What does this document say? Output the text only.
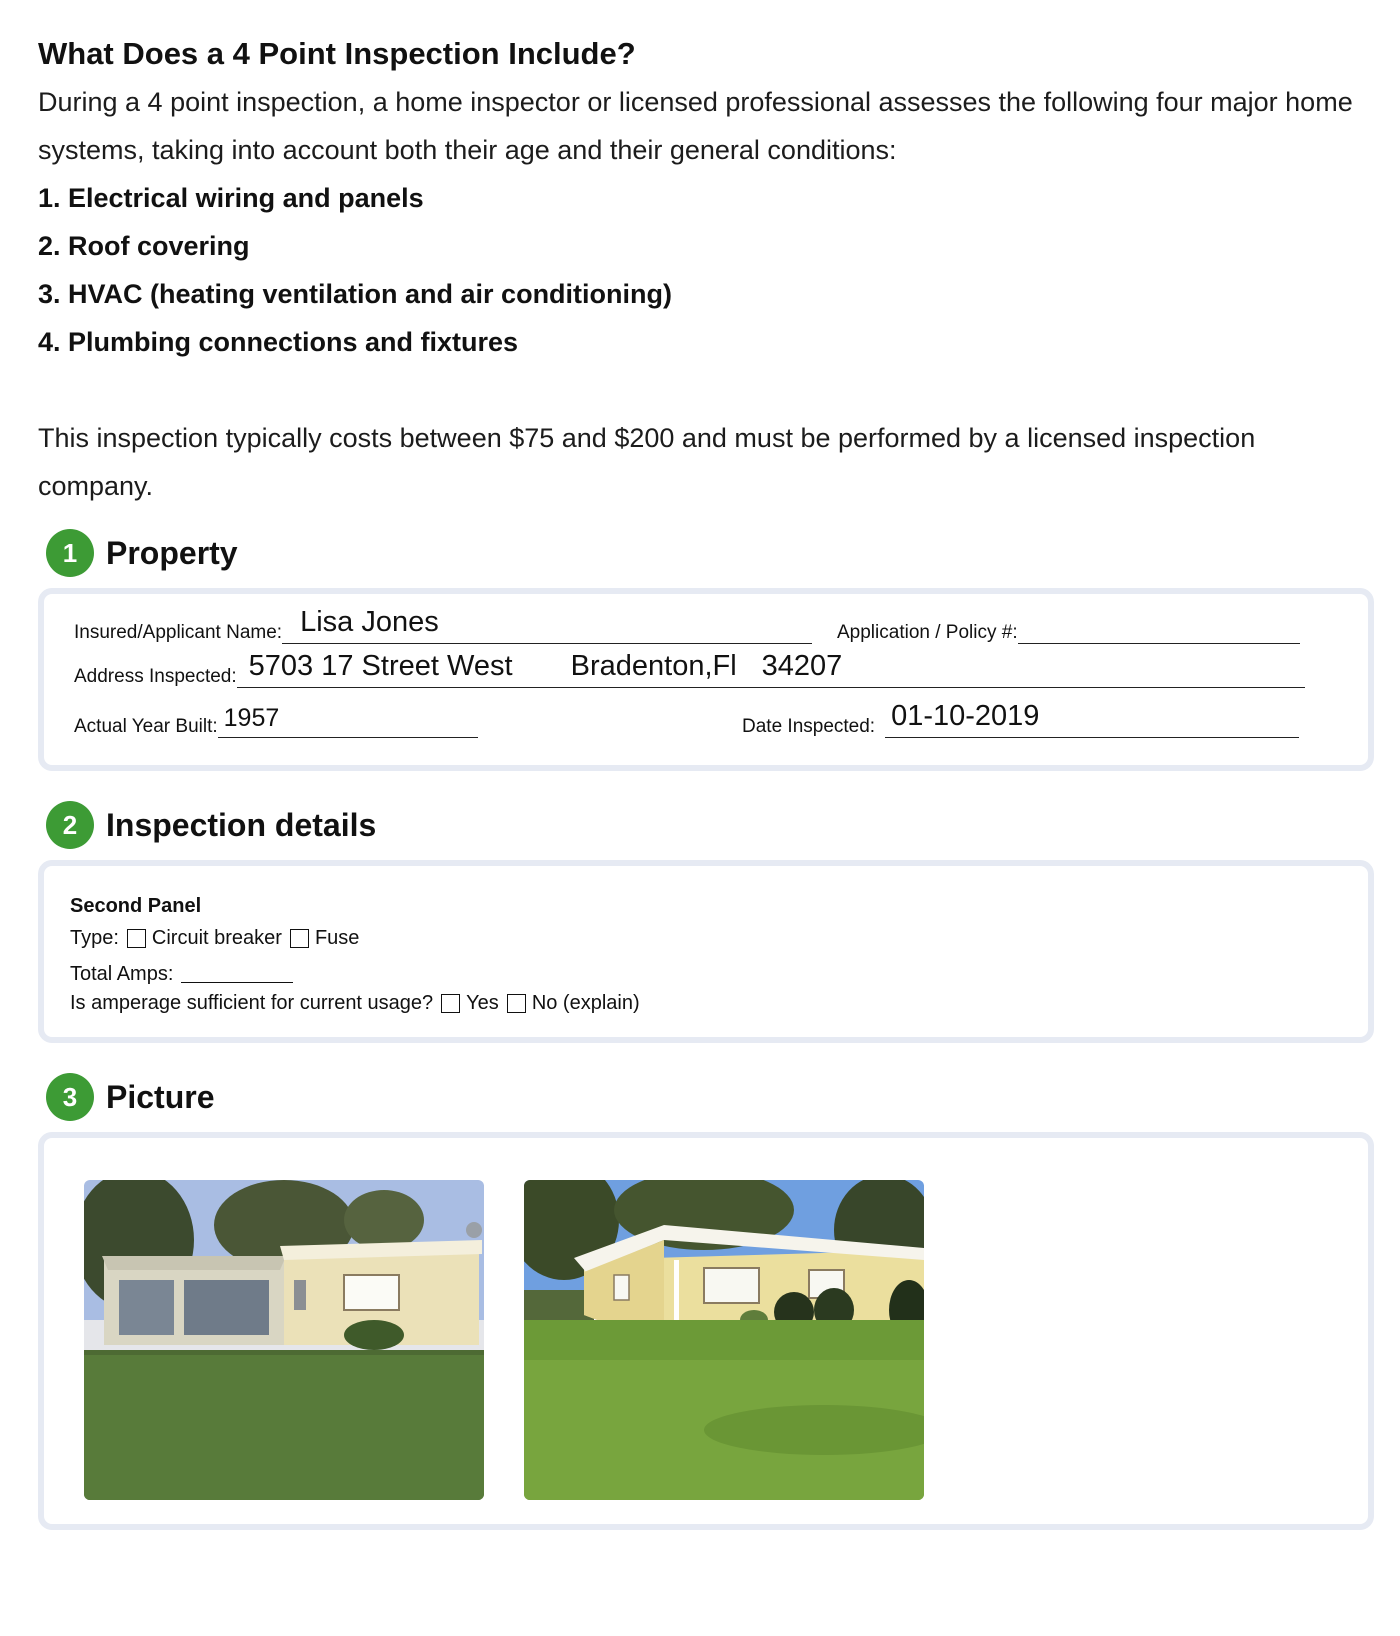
What Does a 4 Point Inspection Include?

During a 4 point inspection, a home inspector or licensed professional assesses the following four major home systems, taking into account both their age and their general conditions:

1. Electrical wiring and panels
2. Roof covering
3. HVAC (heating ventilation and air conditioning)
4. Plumbing connections and fixtures

This inspection typically costs between $75 and $200 and must be performed by a licensed inspection company.

1 Property
Insured/Applicant Name: Lisa Jones	Application / Policy #:
Address Inspected: 5703 17 Street West Bradenton,Fl 34207
Actual Year Built: 1957	Date Inspected: 01-10-2019
2 Inspection details
Second Panel
Type: Circuit breaker Fuse
Total Amps:
Is amperage sufficient for current usage? Yes No (explain)
3 Picture
